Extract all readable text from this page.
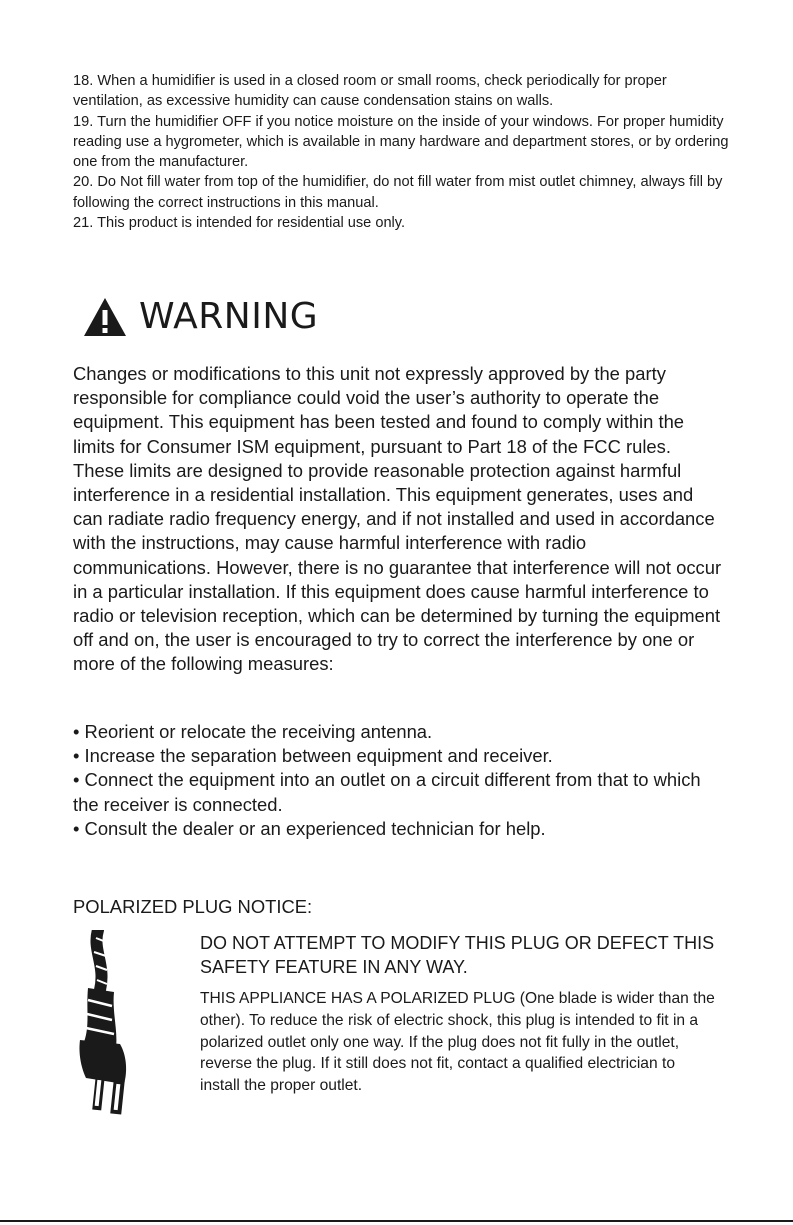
18. When a humidifier is used in a closed room or small rooms, check periodically for proper ventilation, as excessive humidity can cause condensation stains on walls.

19. Turn the humidifier OFF if you notice moisture on the inside of your windows. For proper humidity reading use a hygrometer, which is available in many hardware and department stores, or by ordering one from the manufacturer.

20. Do Not fill water from top of the humidifier, do not fill water from mist outlet chimney, always fill by following the correct instructions in this manual.

21. This product is intended for residential use only.

WARNING

Changes or modifications to this unit not expressly approved by the party responsible for compliance could void the user’s authority to operate the equipment. This equipment has been tested and found to comply within the limits for Consumer ISM equipment, pursuant to Part 18 of the FCC rules. These limits are designed to provide reasonable protection against harmful interference in a residential installation. This equipment generates, uses and can radiate radio frequency energy, and if not installed and used in accordance with the instructions, may cause harmful interference with radio communications. However, there is no guarantee that interference will not occur in a particular installation. If this equipment does cause harmful interference to radio or television reception, which can be determined by turning the equipment off and on, the user is encouraged to try to correct the interference by one or more of the following measures:

• Reorient or relocate the receiving antenna.
• Increase the separation between equipment and receiver.
• Connect the equipment into an outlet on a circuit different from that to which the receiver is connected.
• Consult the dealer or an experienced technician for help.
POLARIZED PLUG NOTICE:

DO NOT ATTEMPT TO MODIFY THIS PLUG OR DEFECT THIS SAFETY FEATURE IN ANY WAY.

THIS APPLIANCE HAS A POLARIZED PLUG (One blade is wider than the other). To reduce the risk of electric shock, this plug is intended to fit in a polarized outlet only one way. If the plug does not fit fully in the outlet, reverse the plug. If it still does not fit, contact a qualified electrician to install the proper outlet.
